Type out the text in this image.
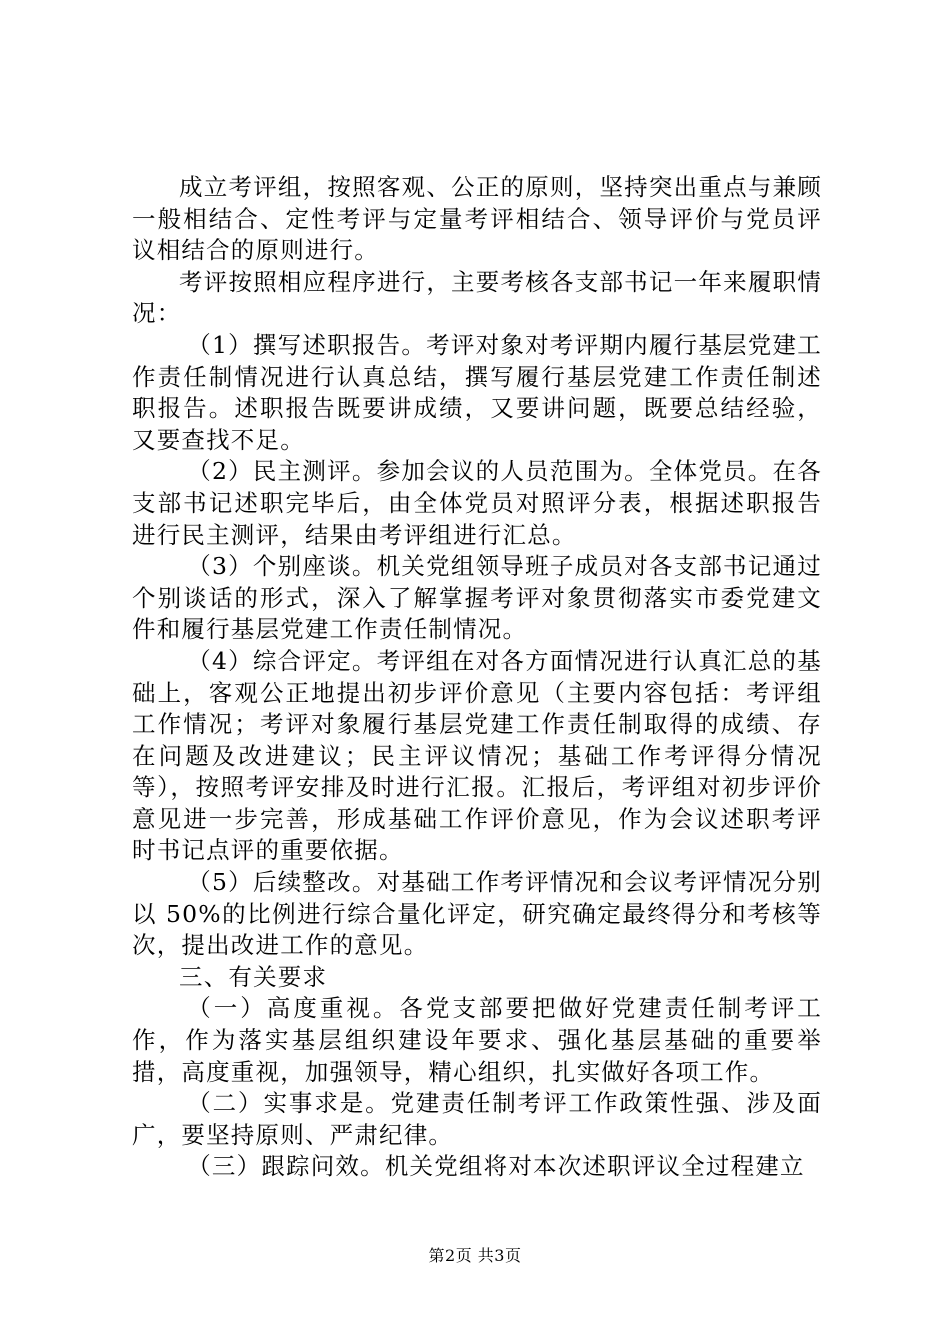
成立考评组，按照客观、公正的原则，坚持突出重点与兼顾一般相结合、定性考评与定量考评相结合、领导评价与党员评议相结合的原则进行。

考评按照相应程序进行，主要考核各支部书记一年来履职情况：

（1）撰写述职报告。考评对象对考评期内履行基层党建工作责任制情况进行认真总结，撰写履行基层党建工作责任制述职报告。述职报告既要讲成绩，又要讲问题，既要总结经验，又要查找不足。

（2）民主测评。参加会议的人员范围为。全体党员。在各支部书记述职完毕后，由全体党员对照评分表，根据述职报告进行民主测评，结果由考评组进行汇总。

（3）个别座谈。机关党组领导班子成员对各支部书记通过个别谈话的形式，深入了解掌握考评对象贯彻落实市委党建文件和履行基层党建工作责任制情况。

（4）综合评定。考评组在对各方面情况进行认真汇总的基础上，客观公正地提出初步评价意见（主要内容包括：考评组工作情况；考评对象履行基层党建工作责任制取得的成绩、存在问题及改进建议；民主评议情况；基础工作考评得分情况等），按照考评安排及时进行汇报。汇报后，考评组对初步评价意见进一步完善，形成基础工作评价意见，作为会议述职考评时书记点评的重要依据。

（5）后续整改。对基础工作考评情况和会议考评情况分别以 50%的比例进行综合量化评定，研究确定最终得分和考核等次，提出改进工作的意见。

三、有关要求

（一）高度重视。各党支部要把做好党建责任制考评工作，作为落实基层组织建设年要求、强化基层基础的重要举措，高度重视，加强领导，精心组织，扎实做好各项工作。

（二）实事求是。党建责任制考评工作政策性强、涉及面广，要坚持原则、严肃纪律。

（三）跟踪问效。机关党组将对本次述职评议全过程建立

第2页 共3页
